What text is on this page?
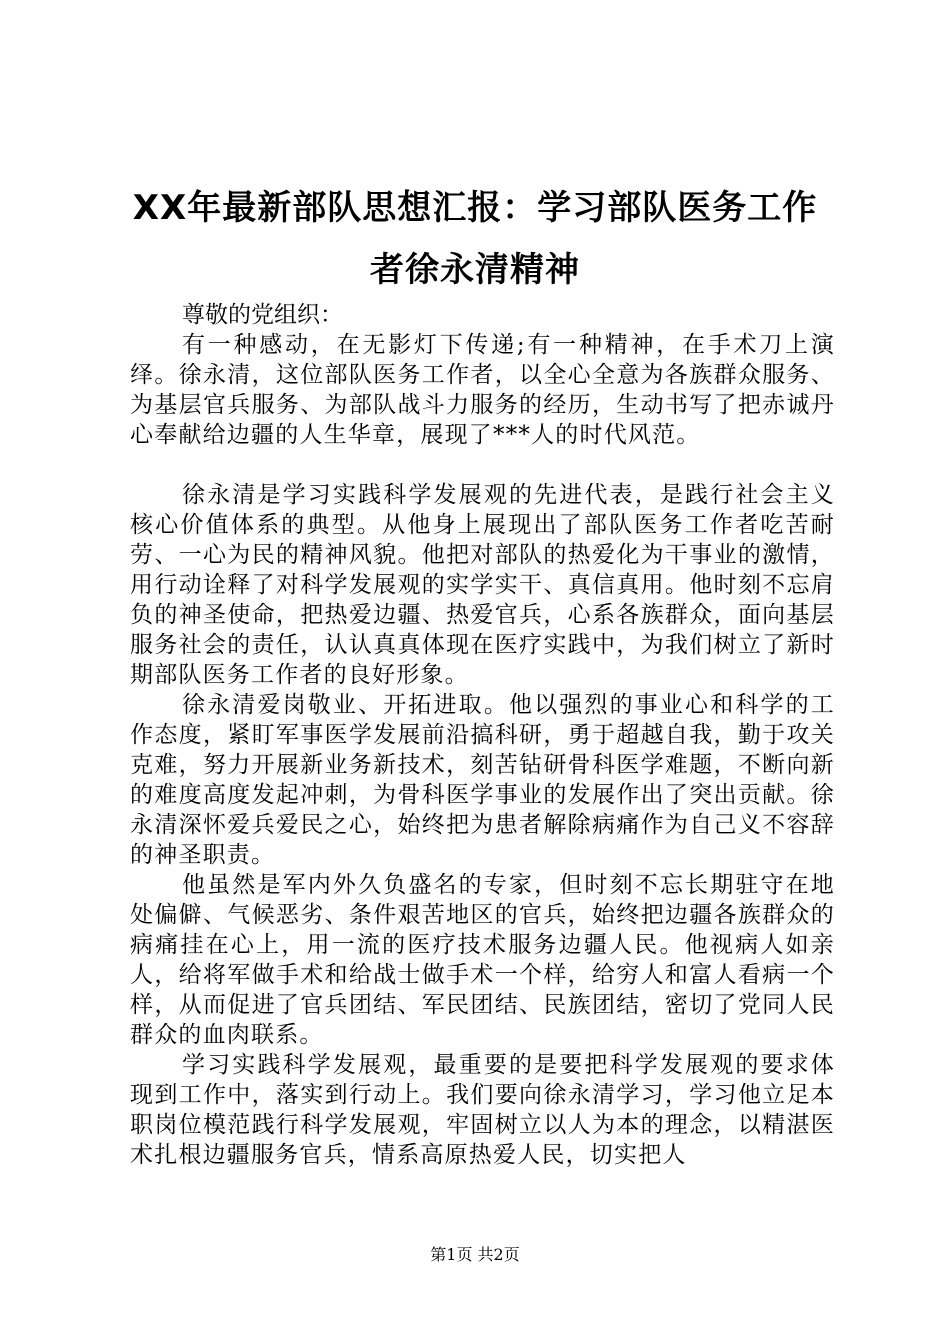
XX年最新部队思想汇报：学习部队医务工作
者徐永清精神
尊敬的党组织：

有一种感动，在无影灯下传递;有一种精神，在手术刀上演绎。徐永清，这位部队医务工作者，以全心全意为各族群众服务、为基层官兵服务、为部队战斗力服务的经历，生动书写了把赤诚丹心奉献给边疆的人生华章，展现了***人的时代风范。

徐永清是学习实践科学发展观的先进代表，是践行社会主义核心价值体系的典型。从他身上展现出了部队医务工作者吃苦耐劳、一心为民的精神风貌。他把对部队的热爱化为干事业的激情，用行动诠释了对科学发展观的实学实干、真信真用。他时刻不忘肩负的神圣使命，把热爱边疆、热爱官兵，心系各族群众，面向基层服务社会的责任，认认真真体现在医疗实践中，为我们树立了新时期部队医务工作者的良好形象。

徐永清爱岗敬业、开拓进取。他以强烈的事业心和科学的工作态度，紧盯军事医学发展前沿搞科研，勇于超越自我，勤于攻关克难，努力开展新业务新技术，刻苦钻研骨科医学难题，不断向新的难度高度发起冲刺，为骨科医学事业的发展作出了突出贡献。徐永清深怀爱兵爱民之心，始终把为患者解除病痛作为自己义不容辞的神圣职责。

他虽然是军内外久负盛名的专家，但时刻不忘长期驻守在地处偏僻、气候恶劣、条件艰苦地区的官兵，始终把边疆各族群众的病痛挂在心上，用一流的医疗技术服务边疆人民。他视病人如亲人，给将军做手术和给战士做手术一个样，给穷人和富人看病一个样，从而促进了官兵团结、军民团结、民族团结，密切了党同人民群众的血肉联系。

学习实践科学发展观，最重要的是要把科学发展观的要求体现到工作中，落实到行动上。我们要向徐永清学习，学习他立足本职岗位模范践行科学发展观，牢固树立以人为本的理念，以精湛医术扎根边疆服务官兵，情系高原热爱人民，切实把人

第1页 共2页
